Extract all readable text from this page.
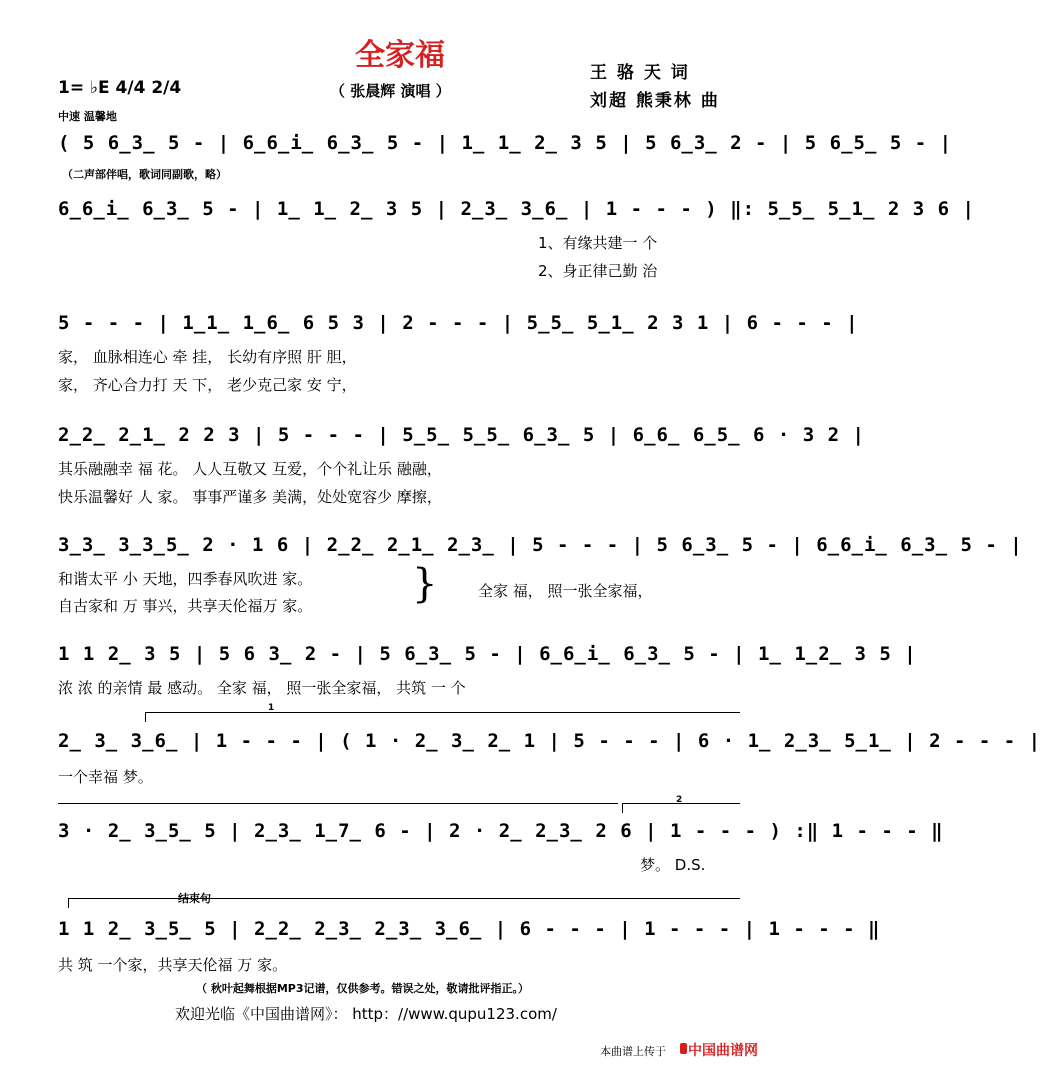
全家福
（ 张晨辉 演唱 ）
王 骆 天 词
刘超 熊秉林 曲
1= ♭E 4/4 2/4
中速 温馨地
( 5 6̲3̲ 5 - | 6̲6̲i̲ 6̲3̲ 5 - | 1̲ 1̲ 2̲ 3 5 | 5 6̲3̲ 2 - | 5 6̲5̲ 5 - |
（二声部伴唱，歌词同副歌，略）
6̲6̲i̲ 6̲3̲ 5 - | 1̲ 1̲ 2̲ 3 5 | 2̲3̲ 3̲6̲ | 1 - - - ) ‖: 5̲5̲ 5̲1̲ 2 3 6 |
1、有缘共建一 个
2、身正律己勤 治
5 - - - | 1̲1̲ 1̲6̲ 6 5 3 | 2 - - - | 5̲5̲ 5̲1̲ 2 3 1 | 6 - - - |
家， 血脉相连心 牵 挂， 长幼有序照 肝 胆，
家， 齐心合力打 天 下， 老少克己家 安 宁，
2̲2̲ 2̲1̲ 2 2 3 | 5 - - - | 5̲5̲ 5̲5̲ 6̲3̲ 5 | 6̲6̲ 6̲5̲ 6 · 3 2 |
其乐融融幸 福 花。 人人互敬又 互爱，个个礼让乐 融融，
快乐温馨好 人 家。 事事严谨多 美满，处处宽容少 摩擦，
3̲3̲ 3̲3̲5̲ 2 · 1 6 | 2̲2̲ 2̲1̲ 2̲3̲ | 5 - - - | 5 6̲3̲ 5 - | 6̲6̲i̲ 6̲3̲ 5 - |
和谐太平 小 天地，四季春风吹进 家。
自古家和 万 事兴，共享天伦福万 家。 }	全家 福， 照一张全家福，
1 1 2̲ 3 5 | 5 6 3̲ 2 - | 5 6̲3̲ 5 - | 6̲6̲i̲ 6̲3̲ 5 - | 1̲ 1̲2̲ 3 5 |
浓 浓 的亲情 最 感动。 全家 福， 照一张全家福， 共筑 一 个
1
2̲ 3̲ 3̲6̲ | 1 - - - | ( 1 · 2̲ 3̲ 2̲ 1 | 5 - - - | 6 · 1̲ 2̲3̲ 5̲1̲ | 2 - - - |
一个幸福 梦。
2
3 · 2̲ 3̲5̲ 5 | 2̲3̲ 1̲7̲ 6 - | 2 · 2̲ 2̲3̲ 2 6 | 1 - - - ) :‖ 1 - - - ‖
梦。 D.S.
结束句
1 1 2̲ 3̲5̲ 5 | 2̲2̲ 2̲3̲ 2̲3̲ 3̲6̲ | 6 - - - | 1 - - - | 1 - - - ‖
共 筑 一个家，共享天伦福 万 家。
（ 秋叶起舞根据MP3记谱，仅供参考。错误之处，敬请批评指正。）
欢迎光临《中国曲谱网》： http：//www.qupu123.com/
本曲谱上传于 中国曲谱网
